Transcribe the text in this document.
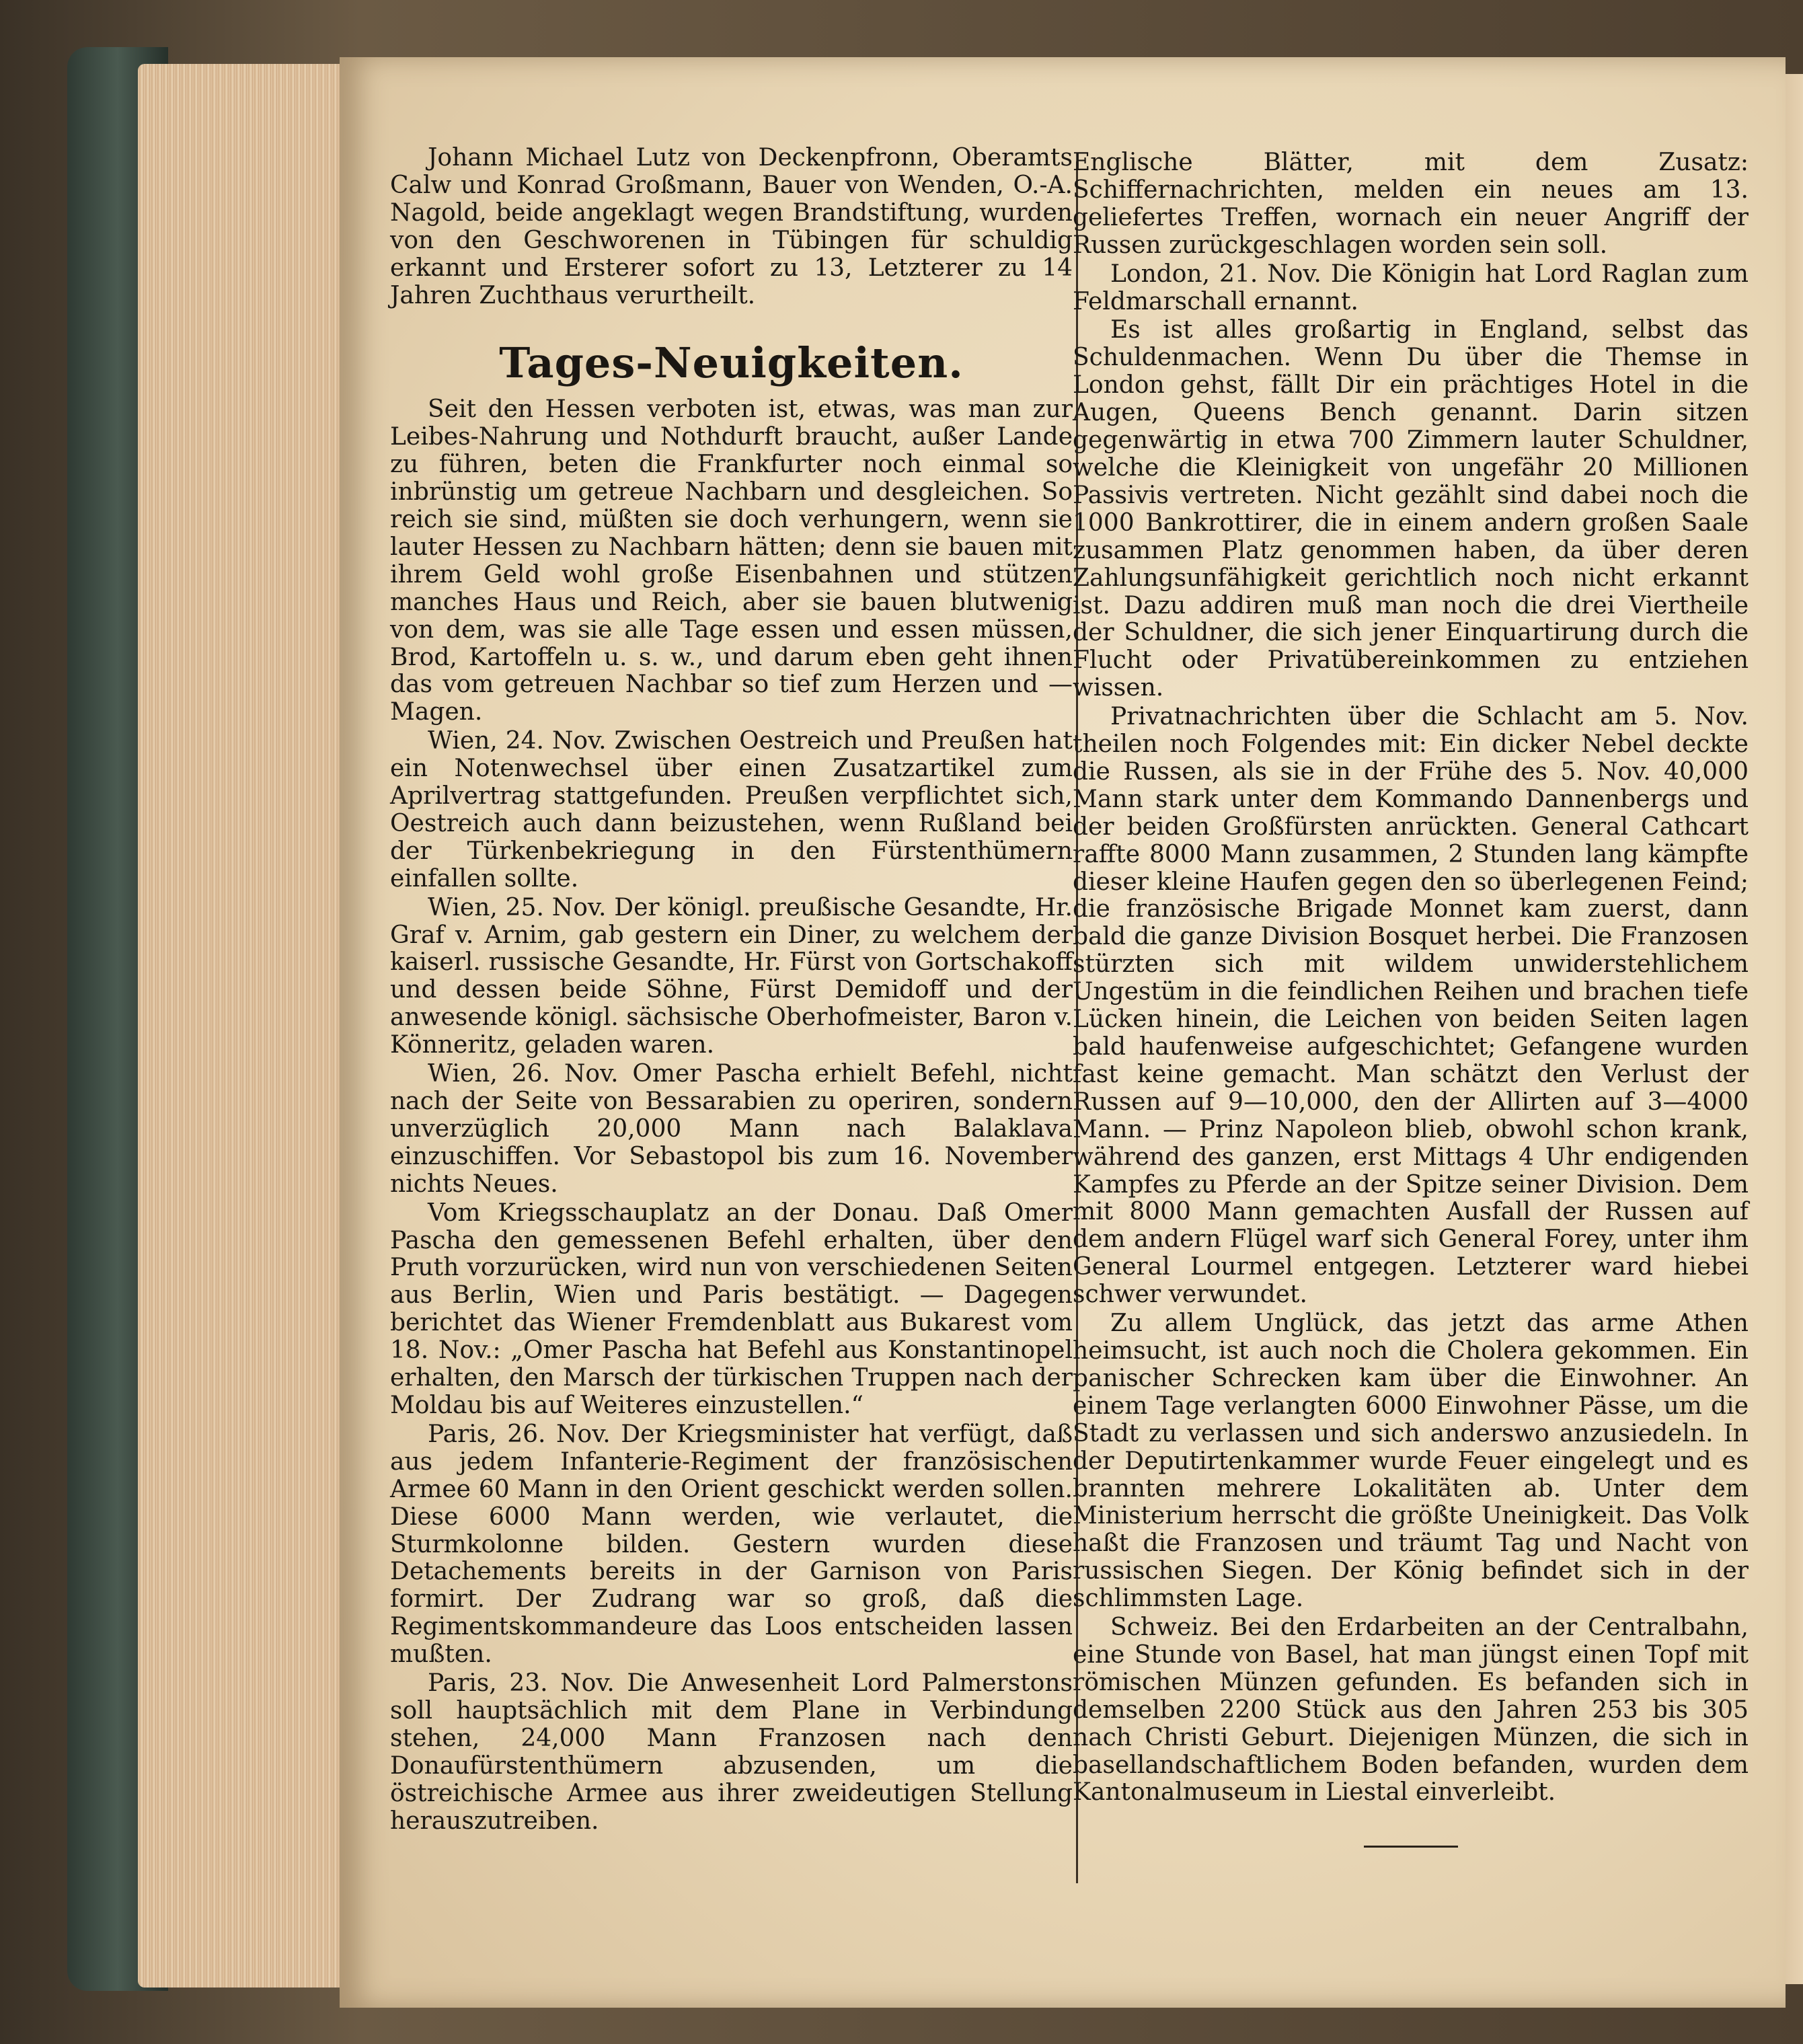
Johann Michael Lutz von Deckenpfronn, Oberamts Calw und Konrad Großmann, Bauer von Wenden, O.-A. Nagold, beide angeklagt wegen Brandstiftung, wurden von den Geschworenen in Tübingen für schuldig erkannt und Ersterer sofort zu 13, Letzterer zu 14 Jahren Zuchthaus verurtheilt.

Tages-Neuigkeiten.

Seit den Hessen verboten ist, etwas, was man zur Leibes-Nahrung und Nothdurft braucht, außer Lande zu führen, beten die Frankfurter noch einmal so inbrünstig um getreue Nachbarn und desgleichen. So reich sie sind, müßten sie doch verhungern, wenn sie lauter Hessen zu Nachbarn hätten; denn sie bauen mit ihrem Geld wohl große Eisenbahnen und stützen manches Haus und Reich, aber sie bauen blutwenig von dem, was sie alle Tage essen und essen müssen, Brod, Kartoffeln u. s. w., und darum eben geht ihnen das vom getreuen Nachbar so tief zum Herzen und — Magen.

Wien, 24. Nov. Zwischen Oestreich und Preußen hat ein Notenwechsel über einen Zusatzartikel zum Aprilvertrag stattgefunden. Preußen verpflichtet sich, Oestreich auch dann beizustehen, wenn Rußland bei der Türkenbekriegung in den Fürstenthümern einfallen sollte.

Wien, 25. Nov. Der königl. preußische Gesandte, Hr. Graf v. Arnim, gab gestern ein Diner, zu welchem der kaiserl. russische Gesandte, Hr. Fürst von Gortschakoff und dessen beide Söhne, Fürst Demidoff und der anwesende königl. sächsische Oberhofmeister, Baron v. Könneritz, geladen waren.

Wien, 26. Nov. Omer Pascha erhielt Befehl, nicht nach der Seite von Bessarabien zu operiren, sondern unverzüglich 20,000 Mann nach Balaklava einzuschiffen. Vor Sebastopol bis zum 16. November nichts Neues.

Vom Kriegsschauplatz an der Donau. Daß Omer Pascha den gemessenen Befehl erhalten, über den Pruth vorzurücken, wird nun von verschiedenen Seiten aus Berlin, Wien und Paris bestätigt. — Dagegen berichtet das Wiener Fremdenblatt aus Bukarest vom 18. Nov.: „Omer Pascha hat Befehl aus Konstantinopel erhalten, den Marsch der türkischen Truppen nach der Moldau bis auf Weiteres einzustellen.“

Paris, 26. Nov. Der Kriegsminister hat verfügt, daß aus jedem Infanterie-Regiment der französischen Armee 60 Mann in den Orient geschickt werden sollen. Diese 6000 Mann werden, wie verlautet, die Sturmkolonne bilden. Gestern wurden diese Detachements bereits in der Garnison von Paris formirt. Der Zudrang war so groß, daß die Regimentskommandeure das Loos entscheiden lassen mußten.

Paris, 23. Nov. Die Anwesenheit Lord Palmerstons soll hauptsächlich mit dem Plane in Verbindung stehen, 24,000 Mann Franzosen nach den Donaufürstenthümern abzusenden, um die östreichische Armee aus ihrer zweideutigen Stellung herauszutreiben.

Englische Blätter, mit dem Zusatz: Schiffernachrichten, melden ein neues am 13. geliefertes Treffen, wornach ein neuer Angriff der Russen zurückgeschlagen worden sein soll.

London, 21. Nov. Die Königin hat Lord Raglan zum Feldmarschall ernannt.

Es ist alles großartig in England, selbst das Schuldenmachen. Wenn Du über die Themse in London gehst, fällt Dir ein prächtiges Hotel in die Augen, Queens Bench genannt. Darin sitzen gegenwärtig in etwa 700 Zimmern lauter Schuldner, welche die Kleinigkeit von ungefähr 20 Millionen Passivis vertreten. Nicht gezählt sind dabei noch die 1000 Bankrottirer, die in einem andern großen Saale zusammen Platz genommen haben, da über deren Zahlungsunfähigkeit gerichtlich noch nicht erkannt ist. Dazu addiren muß man noch die drei Viertheile der Schuldner, die sich jener Einquartirung durch die Flucht oder Privatübereinkommen zu entziehen wissen.

Privatnachrichten über die Schlacht am 5. Nov. theilen noch Folgendes mit: Ein dicker Nebel deckte die Russen, als sie in der Frühe des 5. Nov. 40,000 Mann stark unter dem Kommando Dannenbergs und der beiden Großfürsten anrückten. General Cathcart raffte 8000 Mann zusammen, 2 Stunden lang kämpfte dieser kleine Haufen gegen den so überlegenen Feind; die französische Brigade Monnet kam zuerst, dann bald die ganze Division Bosquet herbei. Die Franzosen stürzten sich mit wildem unwiderstehlichem Ungestüm in die feindlichen Reihen und brachen tiefe Lücken hinein, die Leichen von beiden Seiten lagen bald haufenweise aufgeschichtet; Gefangene wurden fast keine gemacht. Man schätzt den Verlust der Russen auf 9—10,000, den der Allirten auf 3—4000 Mann. — Prinz Napoleon blieb, obwohl schon krank, während des ganzen, erst Mittags 4 Uhr endigenden Kampfes zu Pferde an der Spitze seiner Division. Dem mit 8000 Mann gemachten Ausfall der Russen auf dem andern Flügel warf sich General Forey, unter ihm General Lourmel entgegen. Letzterer ward hiebei schwer verwundet.

Zu allem Unglück, das jetzt das arme Athen heimsucht, ist auch noch die Cholera gekommen. Ein panischer Schrecken kam über die Einwohner. An einem Tage verlangten 6000 Einwohner Pässe, um die Stadt zu verlassen und sich anderswo anzusiedeln. In der Deputirtenkammer wurde Feuer eingelegt und es brannten mehrere Lokalitäten ab. Unter dem Ministerium herrscht die größte Uneinigkeit. Das Volk haßt die Franzosen und träumt Tag und Nacht von russischen Siegen. Der König befindet sich in der schlimmsten Lage.

Schweiz. Bei den Erdarbeiten an der Centralbahn, eine Stunde von Basel, hat man jüngst einen Topf mit römischen Münzen gefunden. Es befanden sich in demselben 2200 Stück aus den Jahren 253 bis 305 nach Christi Geburt. Diejenigen Münzen, die sich in basellandschaftlichem Boden befanden, wurden dem Kantonalmuseum in Liestal einverleibt.
